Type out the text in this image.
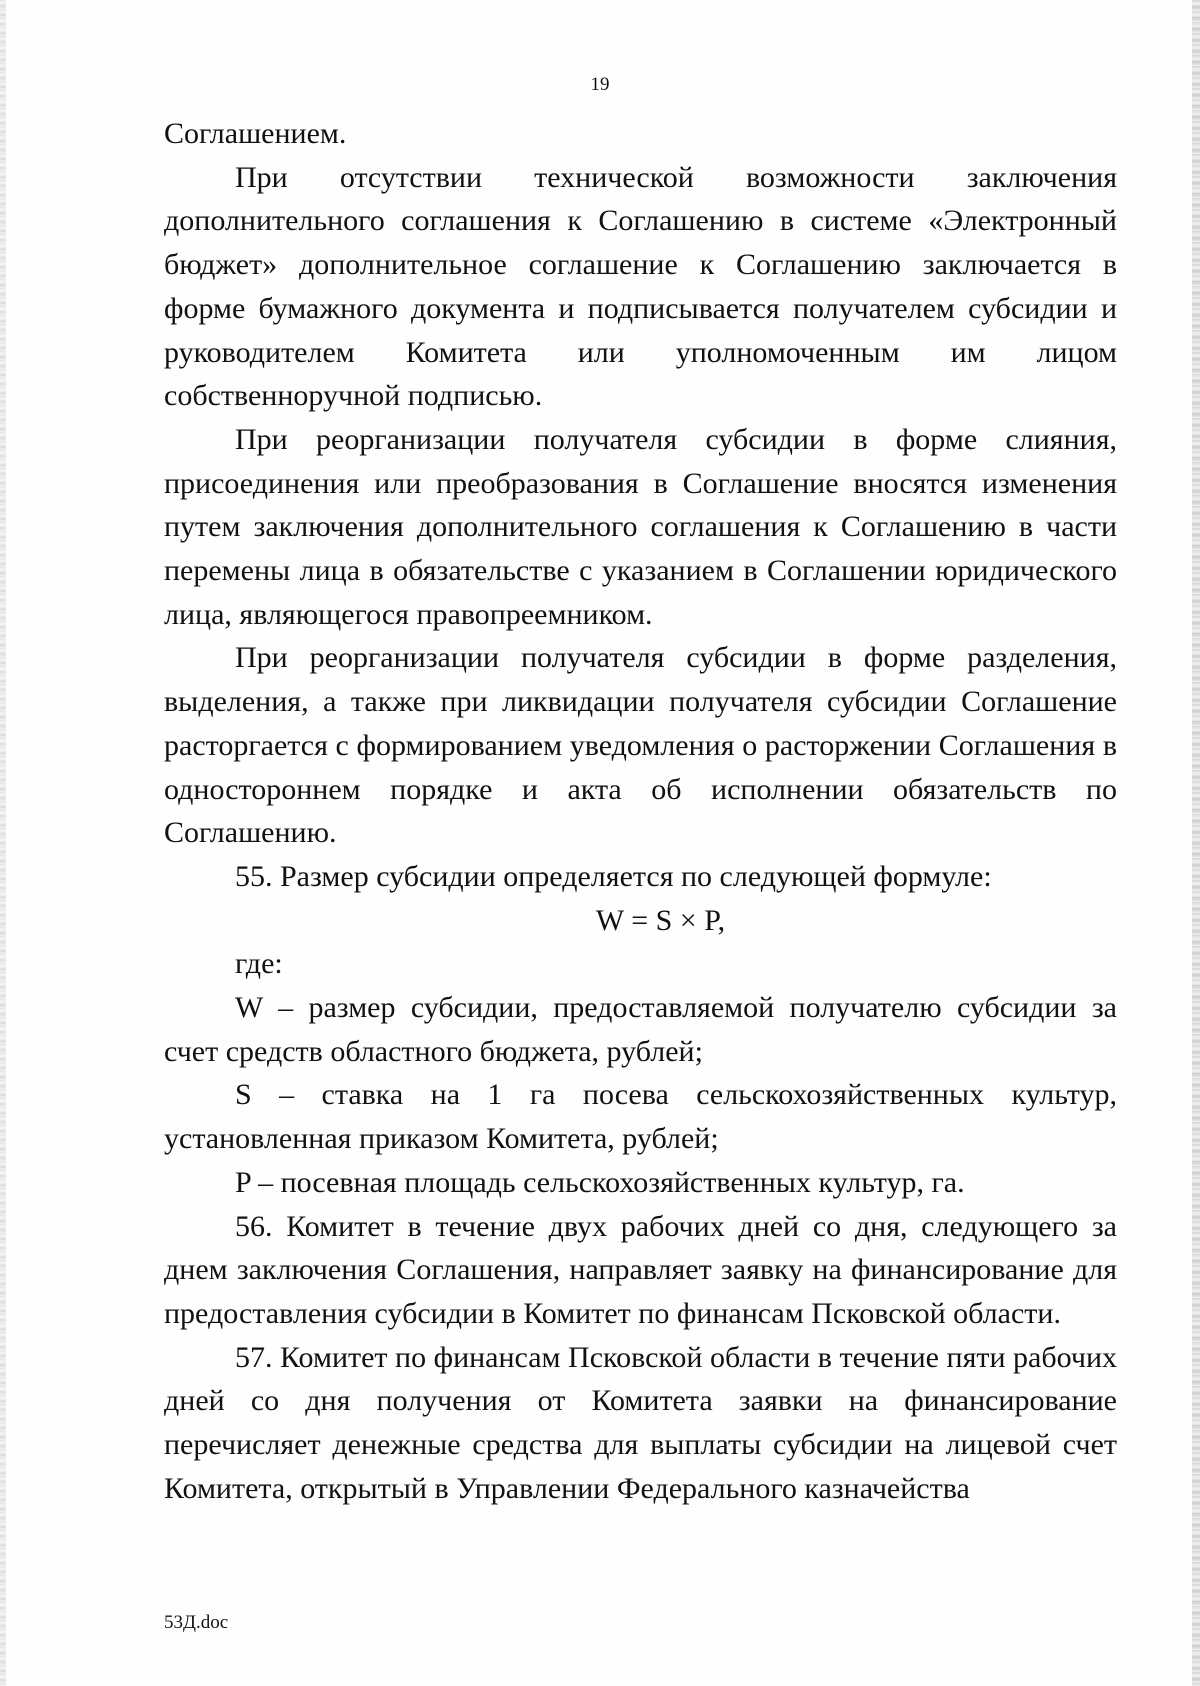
19

Соглашением.

При отсутствии технической возможности заключения дополнительного соглашения к Соглашению в системе «Электронный бюджет» дополнительное соглашение к Соглашению заключается в форме бумажного документа и подписывается получателем субсидии и руководителем Комитета или уполномоченным им лицом собственноручной подписью.

При реорганизации получателя субсидии в форме слияния, присоединения или преобразования в Соглашение вносятся изменения путем заключения дополнительного соглашения к Соглашению в части перемены лица в обязательстве с указанием в Соглашении юридического лица, являющегося правопреемником.

При реорганизации получателя субсидии в форме разделения, выделения, а также при ликвидации получателя субсидии Соглашение расторгается с формированием уведомления о расторжении Соглашения в одностороннем порядке и акта об исполнении обязательств по Соглашению.

55. Размер субсидии определяется по следующей формуле:

W = S × P,

где:

W – размер субсидии, предоставляемой получателю субсидии за счет средств областного бюджета, рублей;

S – ставка на 1 га посева сельскохозяйственных культур, установленная приказом Комитета, рублей;

P – посевная площадь сельскохозяйственных культур, га.

56. Комитет в течение двух рабочих дней со дня, следующего за днем заключения Соглашения, направляет заявку на финансирование для предоставления субсидии в Комитет по финансам Псковской области.

57. Комитет по финансам Псковской области в течение пяти рабочих дней со дня получения от Комитета заявки на финансирование перечисляет денежные средства для выплаты субсидии на лицевой счет Комитета, открытый в Управлении Федерального казначейства

53Д.doc
